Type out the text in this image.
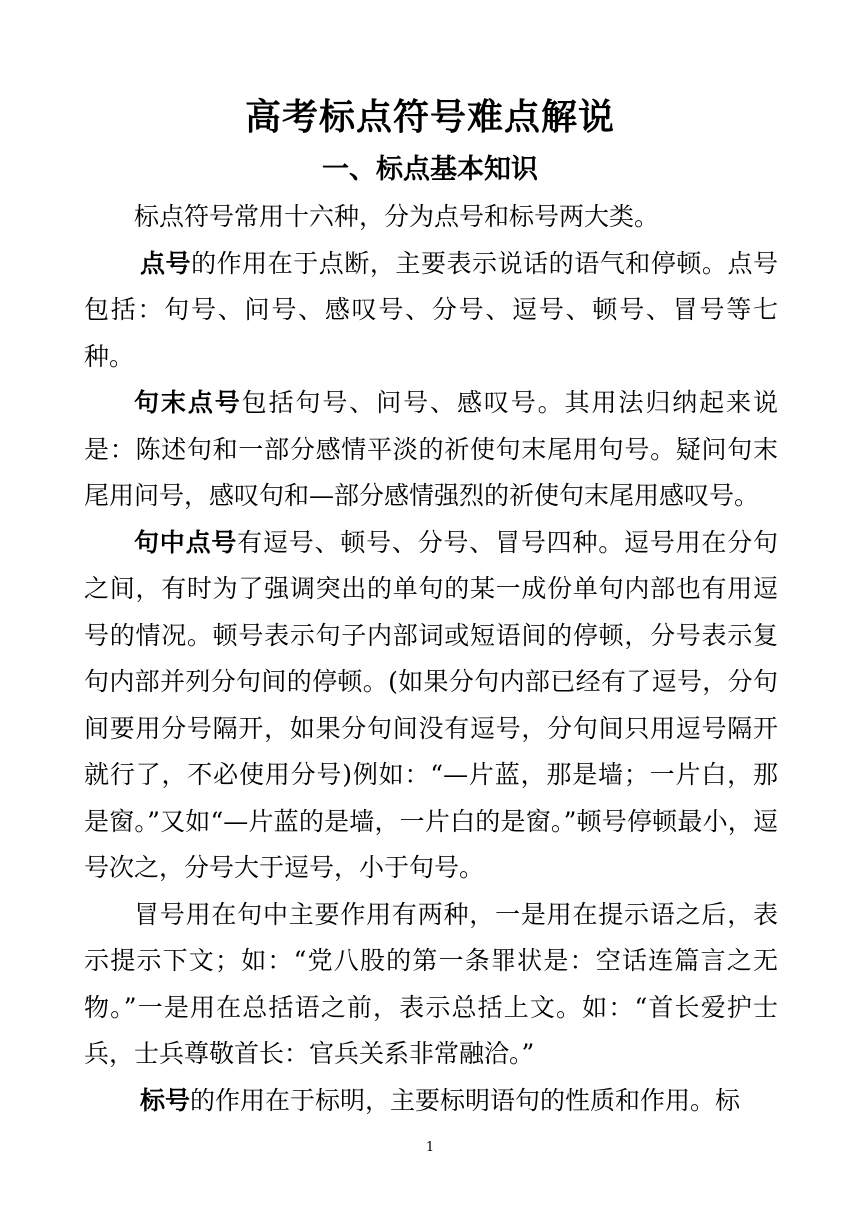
高考标点符号难点解说
一、标点基本知识

标点符号常用十六种，分为点号和标号两大类。

点号的作用在于点断，主要表示说话的语气和停顿。点号包括：句号、问号、感叹号、分号、逗号、顿号、冒号等七种。

句末点号包括句号、问号、感叹号。其用法归纳起来说是：陈述句和一部分感情平淡的祈使句末尾用句号。疑问句末尾用问号，感叹句和—部分感情强烈的祈使句末尾用感叹号。

句中点号有逗号、顿号、分号、冒号四种。逗号用在分句之间，有时为了强调突出的单句的某一成份单句内部也有用逗号的情况。顿号表示句子内部词或短语间的停顿，分号表示复句内部并列分句间的停顿。(如果分句内部已经有了逗号，分句间要用分号隔开，如果分句间没有逗号，分句间只用逗号隔开就行了，不必使用分号)例如：“—片蓝，那是墙；一片白，那是窗。”又如“—片蓝的是墙，一片白的是窗。”顿号停顿最小，逗号次之，分号大于逗号，小于句号。

冒号用在句中主要作用有两种，一是用在提示语之后，表示提示下文；如：“党八股的第一条罪状是：空话连篇言之无物。”一是用在总括语之前，表示总括上文。如：“首长爱护士兵，士兵尊敬首长：官兵关系非常融洽。”

标号的作用在于标明，主要标明语句的性质和作用。标

1
